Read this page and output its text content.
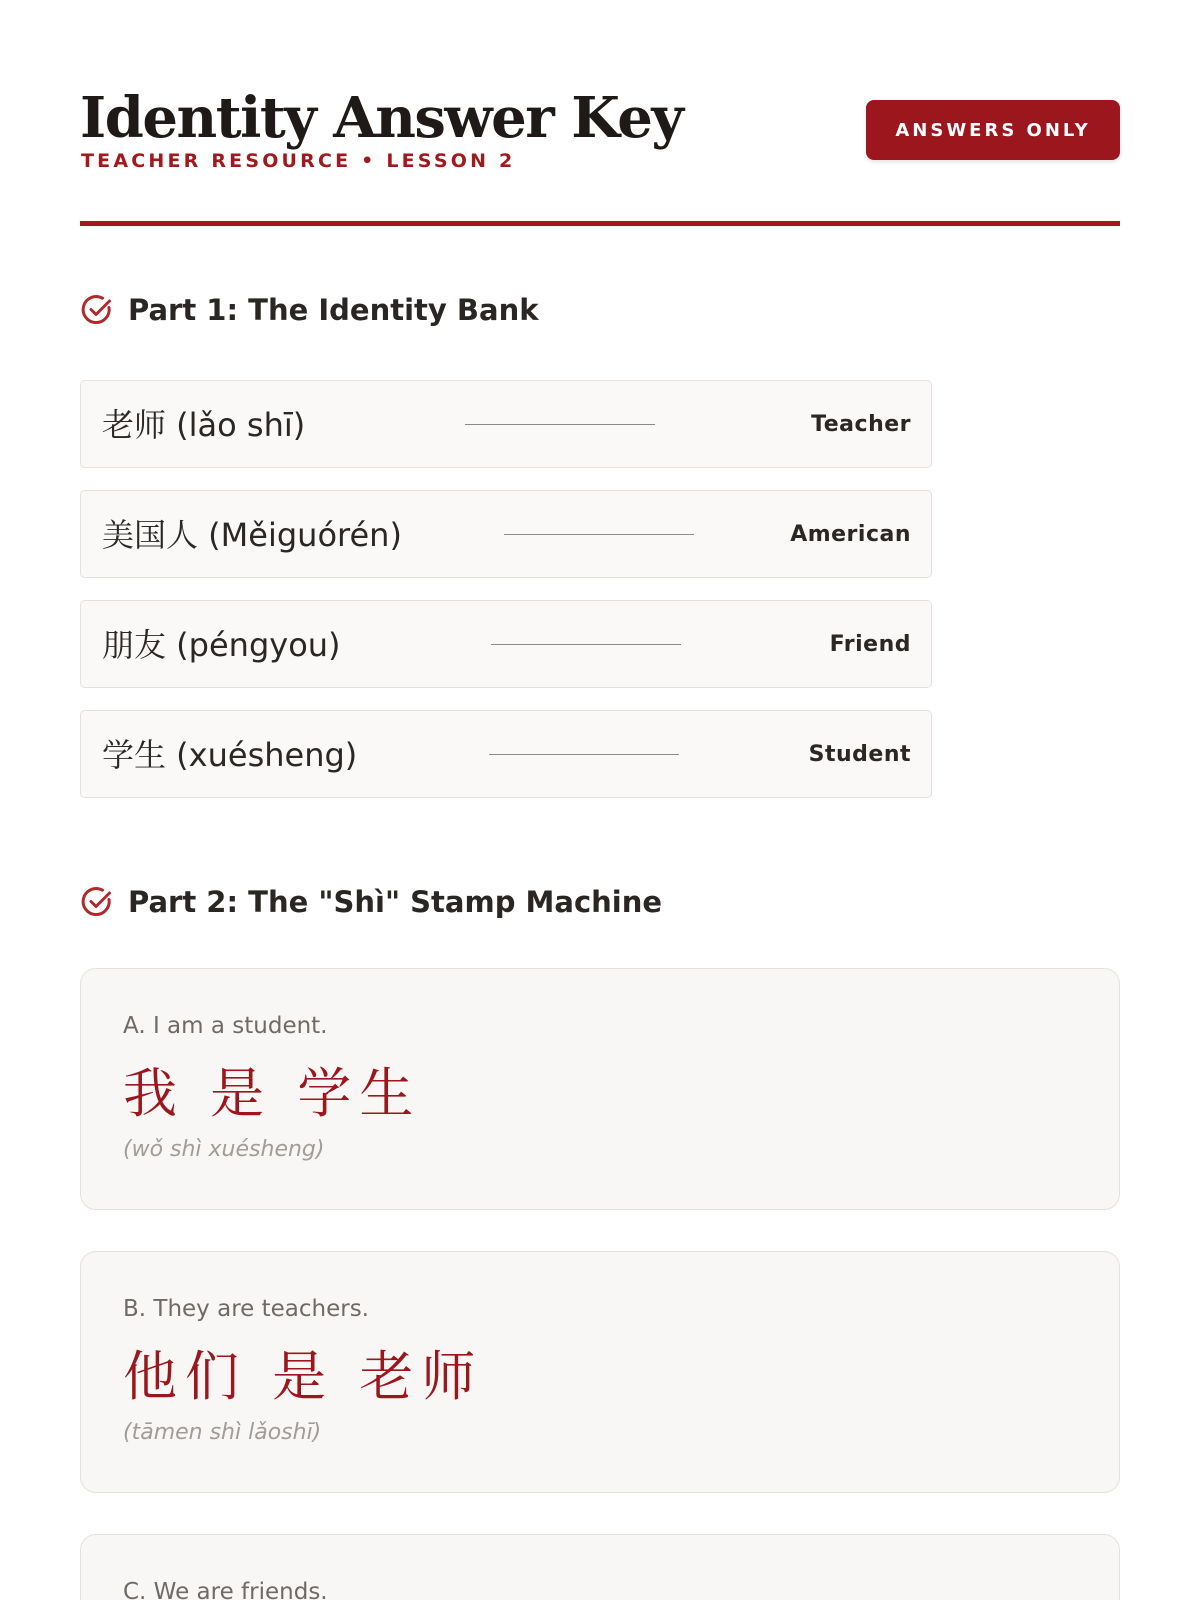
Identity Answer Key
TEACHER RESOURCE • LESSON 2
ANSWERS ONLY
Part 1: The Identity Bank
老师 (lǎo shī)	Teacher
美国人 (Měiguórén)	American
朋友 (péngyou)	Friend
学生 (xuésheng)	Student
Part 2: The "Shì" Stamp Machine
A. I am a student.
我 是 学生
(wǒ shì xuésheng)
B. They are teachers.
他们 是 老师
(tāmen shì lǎoshī)
C. We are friends.
